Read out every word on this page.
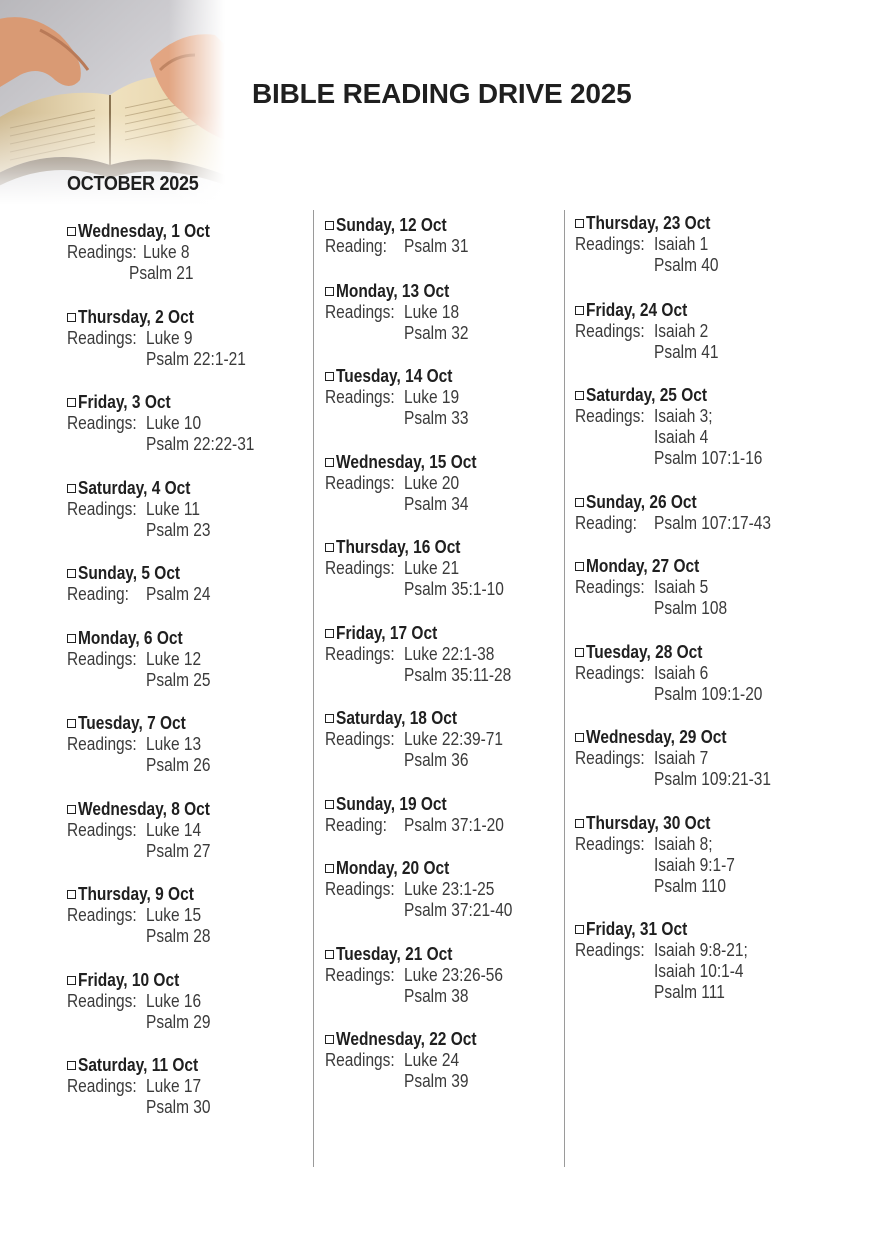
BIBLE READING DRIVE 2025
OCTOBER 2025
Wednesday, 1 Oct
Readings: Luke 8
Psalm 21
Thursday, 2 Oct
Readings: Luke 9
Psalm 22:1-21
Friday, 3 Oct
Readings: Luke 10
Psalm 22:22-31
Saturday, 4 Oct
Readings: Luke 11
Psalm 23
Sunday, 5 Oct
Reading: Psalm 24
Monday, 6 Oct
Readings: Luke 12
Psalm 25
Tuesday, 7 Oct
Readings: Luke 13
Psalm 26
Wednesday, 8 Oct
Readings: Luke 14
Psalm 27
Thursday, 9 Oct
Readings: Luke 15
Psalm 28
Friday, 10 Oct
Readings: Luke 16
Psalm 29
Saturday, 11 Oct
Readings: Luke 17
Psalm 30
Sunday, 12 Oct
Reading: Psalm 31
Monday, 13 Oct
Readings: Luke 18
Psalm 32
Tuesday, 14 Oct
Readings: Luke 19
Psalm 33
Wednesday, 15 Oct
Readings: Luke 20
Psalm 34
Thursday, 16 Oct
Readings: Luke 21
Psalm 35:1-10
Friday, 17 Oct
Readings: Luke 22:1-38
Psalm 35:11-28
Saturday, 18 Oct
Readings: Luke 22:39-71
Psalm 36
Sunday, 19 Oct
Reading: Psalm 37:1-20
Monday, 20 Oct
Readings: Luke 23:1-25
Psalm 37:21-40
Tuesday, 21 Oct
Readings: Luke 23:26-56
Psalm 38
Wednesday, 22 Oct
Readings: Luke 24
Psalm 39
Thursday, 23 Oct
Readings: Isaiah 1
Psalm 40
Friday, 24 Oct
Readings: Isaiah 2
Psalm 41
Saturday, 25 Oct
Readings: Isaiah 3;
Isaiah 4
Psalm 107:1-16
Sunday, 26 Oct
Reading: Psalm 107:17-43
Monday, 27 Oct
Readings: Isaiah 5
Psalm 108
Tuesday, 28 Oct
Readings: Isaiah 6
Psalm 109:1-20
Wednesday, 29 Oct
Readings: Isaiah 7
Psalm 109:21-31
Thursday, 30 Oct
Readings: Isaiah 8;
Isaiah 9:1-7
Psalm 110
Friday, 31 Oct
Readings: Isaiah 9:8-21;
Isaiah 10:1-4
Psalm 111
